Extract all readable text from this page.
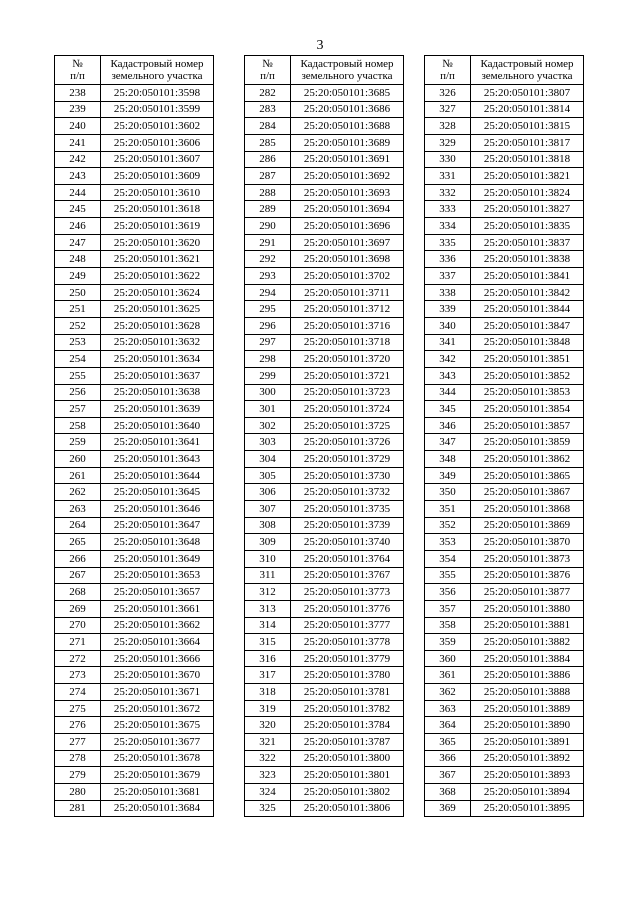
3
№
п/п	Кадастровый номер
земельного участка
238	25:20:050101:3598
239	25:20:050101:3599
240	25:20:050101:3602
241	25:20:050101:3606
242	25:20:050101:3607
243	25:20:050101:3609
244	25:20:050101:3610
245	25:20:050101:3618
246	25:20:050101:3619
247	25:20:050101:3620
248	25:20:050101:3621
249	25:20:050101:3622
250	25:20:050101:3624
251	25:20:050101:3625
252	25:20:050101:3628
253	25:20:050101:3632
254	25:20:050101:3634
255	25:20:050101:3637
256	25:20:050101:3638
257	25:20:050101:3639
258	25:20:050101:3640
259	25:20:050101:3641
260	25:20:050101:3643
261	25:20:050101:3644
262	25:20:050101:3645
263	25:20:050101:3646
264	25:20:050101:3647
265	25:20:050101:3648
266	25:20:050101:3649
267	25:20:050101:3653
268	25:20:050101:3657
269	25:20:050101:3661
270	25:20:050101:3662
271	25:20:050101:3664
272	25:20:050101:3666
273	25:20:050101:3670
274	25:20:050101:3671
275	25:20:050101:3672
276	25:20:050101:3675
277	25:20:050101:3677
278	25:20:050101:3678
279	25:20:050101:3679
280	25:20:050101:3681
281	25:20:050101:3684
№
п/п	Кадастровый номер
земельного участка
282	25:20:050101:3685
283	25:20:050101:3686
284	25:20:050101:3688
285	25:20:050101:3689
286	25:20:050101:3691
287	25:20:050101:3692
288	25:20:050101:3693
289	25:20:050101:3694
290	25:20:050101:3696
291	25:20:050101:3697
292	25:20:050101:3698
293	25:20:050101:3702
294	25:20:050101:3711
295	25:20:050101:3712
296	25:20:050101:3716
297	25:20:050101:3718
298	25:20:050101:3720
299	25:20:050101:3721
300	25:20:050101:3723
301	25:20:050101:3724
302	25:20:050101:3725
303	25:20:050101:3726
304	25:20:050101:3729
305	25:20:050101:3730
306	25:20:050101:3732
307	25:20:050101:3735
308	25:20:050101:3739
309	25:20:050101:3740
310	25:20:050101:3764
311	25:20:050101:3767
312	25:20:050101:3773
313	25:20:050101:3776
314	25:20:050101:3777
315	25:20:050101:3778
316	25:20:050101:3779
317	25:20:050101:3780
318	25:20:050101:3781
319	25:20:050101:3782
320	25:20:050101:3784
321	25:20:050101:3787
322	25:20:050101:3800
323	25:20:050101:3801
324	25:20:050101:3802
325	25:20:050101:3806
№
п/п	Кадастровый номер
земельного участка
326	25:20:050101:3807
327	25:20:050101:3814
328	25:20:050101:3815
329	25:20:050101:3817
330	25:20:050101:3818
331	25:20:050101:3821
332	25:20:050101:3824
333	25:20:050101:3827
334	25:20:050101:3835
335	25:20:050101:3837
336	25:20:050101:3838
337	25:20:050101:3841
338	25:20:050101:3842
339	25:20:050101:3844
340	25:20:050101:3847
341	25:20:050101:3848
342	25:20:050101:3851
343	25:20:050101:3852
344	25:20:050101:3853
345	25:20:050101:3854
346	25:20:050101:3857
347	25:20:050101:3859
348	25:20:050101:3862
349	25:20:050101:3865
350	25:20:050101:3867
351	25:20:050101:3868
352	25:20:050101:3869
353	25:20:050101:3870
354	25:20:050101:3873
355	25:20:050101:3876
356	25:20:050101:3877
357	25:20:050101:3880
358	25:20:050101:3881
359	25:20:050101:3882
360	25:20:050101:3884
361	25:20:050101:3886
362	25:20:050101:3888
363	25:20:050101:3889
364	25:20:050101:3890
365	25:20:050101:3891
366	25:20:050101:3892
367	25:20:050101:3893
368	25:20:050101:3894
369	25:20:050101:3895
